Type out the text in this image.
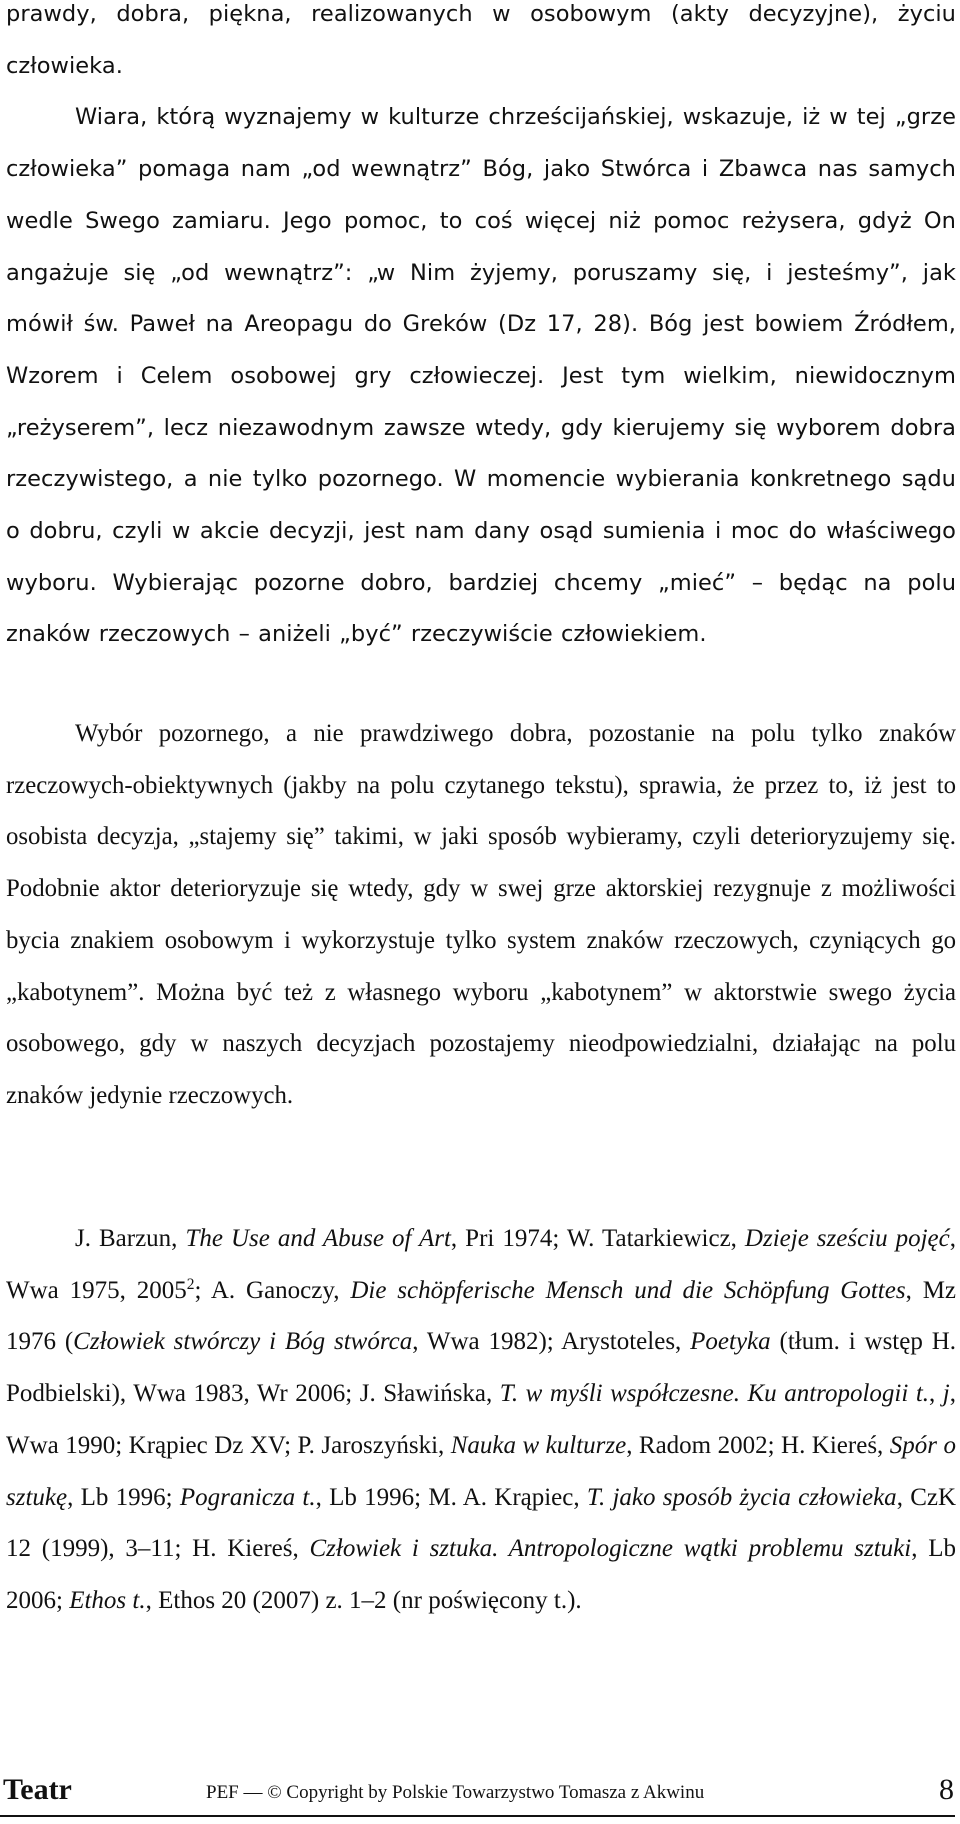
prawdy, dobra, piękna, realizowanych w osobowym (akty decyzyjne), życiu człowieka.

Wiara, którą wyznajemy w kulturze chrześcijańskiej, wskazuje, iż w tej „grze człowieka” pomaga nam „od wewnątrz” Bóg, jako Stwórca i Zbawca nas samych wedle Swego zamiaru. Jego pomoc, to coś więcej niż pomoc reżysera, gdyż On angażuje się „od wewnątrz”: „w Nim żyjemy, poruszamy się, i jesteśmy”, jak mówił św. Paweł na Areopagu do Greków (Dz 17, 28). Bóg jest bowiem Źródłem, Wzorem i Celem osobowej gry człowieczej. Jest tym wielkim, niewidocznym „reżyserem”, lecz niezawodnym zawsze wtedy, gdy kierujemy się wyborem dobra rzeczywistego, a nie tylko pozornego. W momencie wybierania konkretnego sądu o dobru, czyli w akcie decyzji, jest nam dany osąd sumienia i moc do właściwego wyboru. Wybierając pozorne dobro, bardziej chcemy „mieć” – będąc na polu znaków rzeczowych – aniżeli „być” rzeczywiście człowiekiem.

Wybór pozornego, a nie prawdziwego dobra, pozostanie na polu tylko znaków rzeczowych-obiektywnych (jakby na polu czytanego tekstu), sprawia, że przez to, iż jest to osobista decyzja, „stajemy się” takimi, w jaki sposób wybieramy, czyli deterioryzujemy się. Podobnie aktor deterioryzuje się wtedy, gdy w swej grze aktorskiej rezygnuje z możliwości bycia znakiem osobowym i wykorzystuje tylko system znaków rzeczowych, czyniących go „kabotynem”. Można być też z własnego wyboru „kabotynem” w aktorstwie swego życia osobowego, gdy w naszych decyzjach pozostajemy nieodpowiedzialni, działając na polu znaków jedynie rzeczowych.

J. Barzun, The Use and Abuse of Art, Pri 1974; W. Tatarkiewicz, Dzieje sześciu pojęć, Wwa 1975, 2005$^2$; A. Ganoczy, Die schöpferische Mensch und die Schöpfung Gottes, Mz 1976 (Człowiek stwórczy i Bóg stwórca, Wwa 1982); Arystoteles, Poetyka (tłum. i wstęp H. Podbielski), Wwa 1983, Wr 2006; J. Sławińska, T. w myśli współczesne. Ku antropologii t., j, Wwa 1990; Krąpiec Dz XV; P. Jaroszyński, Nauka w kulturze, Radom 2002; H. Kiereś, Spór o sztukę, Lb 1996; Pogranicza t., Lb 1996; M. A. Krąpiec, T. jako sposób życia człowieka, CzK 12 (1999), 3–11; H. Kiereś, Człowiek i sztuka. Antropologiczne wątki problemu sztuki, Lb 2006; Ethos t., Ethos 20 (2007) z. 1–2 (nr poświęcony t.).

Teatr	PEF — © Copyright by Polskie Towarzystwo Tomasza z Akwinu	8
